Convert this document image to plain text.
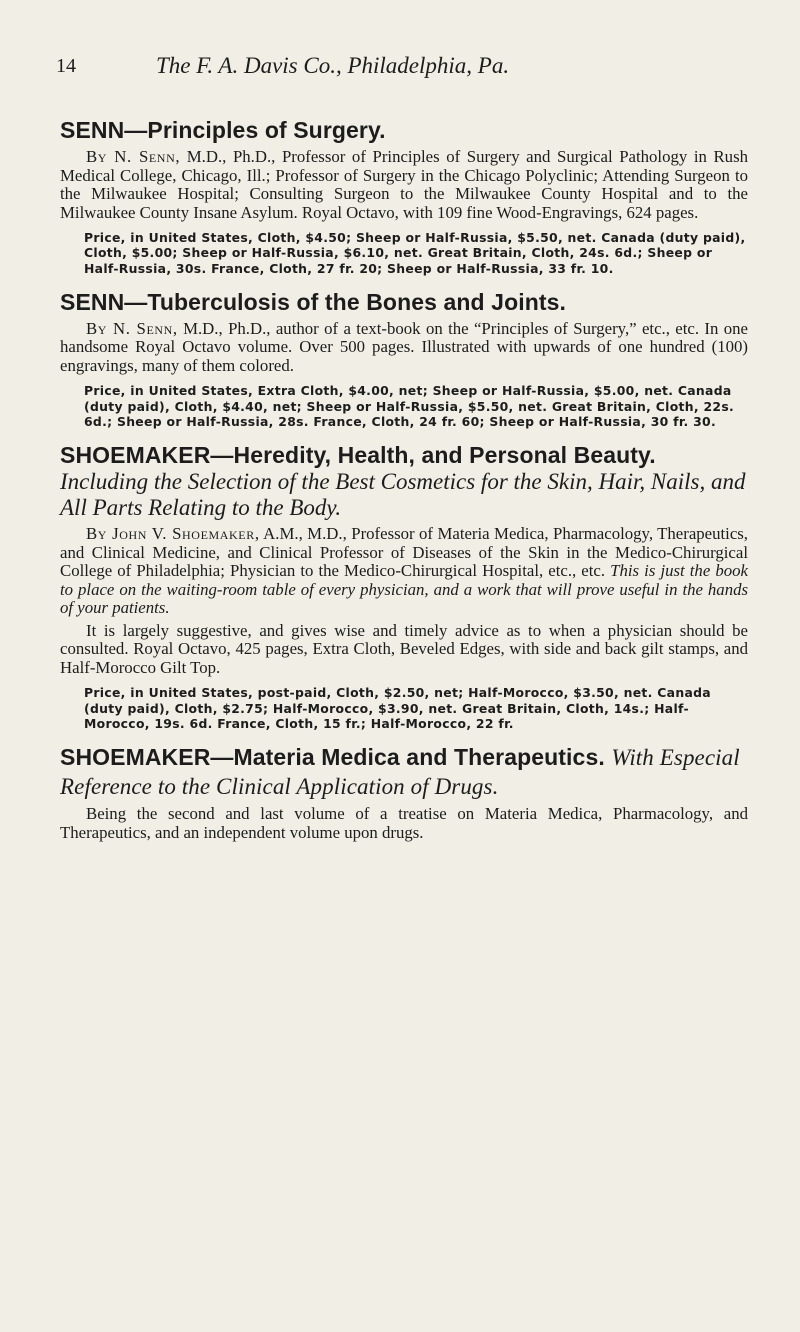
14	The F. A. Davis Co., Philadelphia, Pa.
SENN—Principles of Surgery.
By N. Senn, M.D., Ph.D., Professor of Principles of Surgery and Surgical Pathology in Rush Medical College, Chicago, Ill.; Professor of Surgery in the Chicago Polyclinic; Attending Surgeon to the Milwaukee Hospital; Consulting Surgeon to the Milwaukee County Hospital and to the Milwaukee County Insane Asylum. Royal Octavo, with 109 fine Wood-Engravings, 624 pages.
Price, in United States, Cloth, $4.50; Sheep or Half-Russia, $5.50, net. Canada (duty paid), Cloth, $5.00; Sheep or Half-Russia, $6.10, net. Great Britain, Cloth, 24s. 6d.; Sheep or Half-Russia, 30s. France, Cloth, 27 fr. 20; Sheep or Half-Russia, 33 fr. 10.
SENN—Tuberculosis of the Bones and Joints.
By N. Senn, M.D., Ph.D., author of a text-book on the “Principles of Surgery,” etc., etc. In one handsome Royal Octavo volume. Over 500 pages. Illustrated with upwards of one hundred (100) engravings, many of them colored.
Price, in United States, Extra Cloth, $4.00, net; Sheep or Half-Russia, $5.00, net. Canada (duty paid), Cloth, $4.40, net; Sheep or Half-Russia, $5.50, net. Great Britain, Cloth, 22s. 6d.; Sheep or Half-Russia, 28s. France, Cloth, 24 fr. 60; Sheep or Half-Russia, 30 fr. 30.
SHOEMAKER—Heredity, Health, and Personal Beauty.
Including the Selection of the Best Cosmetics for the Skin, Hair, Nails, and All Parts Relating to the Body.
By John V. Shoemaker, A.M., M.D., Professor of Materia Medica, Pharmacology, Therapeutics, and Clinical Medicine, and Clinical Professor of Diseases of the Skin in the Medico-Chirurgical College of Philadelphia; Physician to the Medico-Chirurgical Hospital, etc., etc. This is just the book to place on the waiting-room table of every physician, and a work that will prove useful in the hands of your patients.
It is largely suggestive, and gives wise and timely advice as to when a physician should be consulted. Royal Octavo, 425 pages, Extra Cloth, Beveled Edges, with side and back gilt stamps, and Half-Morocco Gilt Top.
Price, in United States, post-paid, Cloth, $2.50, net; Half-Morocco, $3.50, net. Canada (duty paid), Cloth, $2.75; Half-Morocco, $3.90, net. Great Britain, Cloth, 14s.; Half-Morocco, 19s. 6d. France, Cloth, 15 fr.; Half-Morocco, 22 fr.
SHOEMAKER—Materia Medica and Therapeutics. With Especial Reference to the Clinical Application of Drugs.
Being the second and last volume of a treatise on Materia Medica, Pharmacology, and Therapeutics, and an independent volume upon drugs.
